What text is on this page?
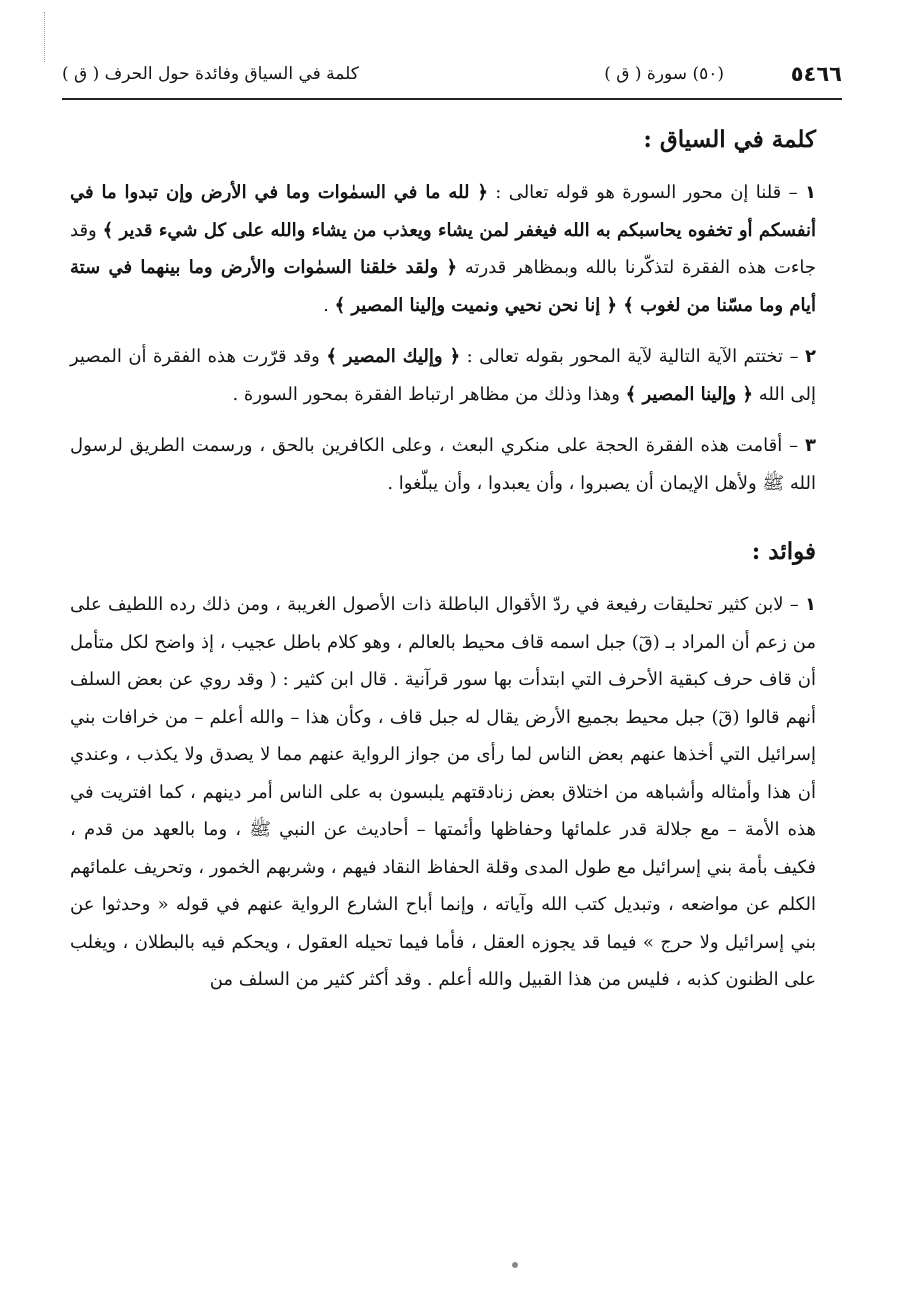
٥٤٦٦
(٥٠) سورة ( ق )
كلمة في السياق وفائدة حول الحرف ( ق )
كلمة في السياق :

١ – قلنا إن محور السورة هو قوله تعالى : ﴿ لله ما في السمٰوات وما في الأرض وإن تبدوا ما في أنفسكم أو تخفوه يحاسبكم به الله فيغفر لمن يشاء ويعذب من يشاء والله على كل شيء قدير ﴾ وقد جاءت هذه الفقرة لتذكّرنا بالله وبمظاهر قدرته ﴿ ولقد خلقنا السمٰوات والأرض وما بينهما في ستة أيام وما مسّنا من لغوب ﴾ ﴿ إنا نحن نحيي ونميت وإلينا المصير ﴾ .

٢ – تختتم الآية التالية لآية المحور بقوله تعالى : ﴿ وإليك المصير ﴾ وقد قرّرت هذه الفقرة أن المصير إلى الله ﴿ وإلينا المصير ﴾ وهذا وذلك من مظاهر ارتباط الفقرة بمحور السورة .

٣ – أقامت هذه الفقرة الحجة على منكري البعث ، وعلى الكافرين بالحق ، ورسمت الطريق لرسول الله ﷺ ولأهل الإيمان أن يصبروا ، وأن يعبدوا ، وأن يبلّغوا .

فوائد :

١ – لابن كثير تحليقات رفيعة في ردّ الأقوال الباطلة ذات الأصول الغريبة ، ومن ذلك رده اللطيف على من زعم أن المراد بـ (قٓ) جبل اسمه قاف محيط بالعالم ، وهو كلام باطل عجيب ، إذ واضح لكل متأمل أن قاف حرف كبقية الأحرف التي ابتدأت بها سور قرآنية . قال ابن كثير : ( وقد روي عن بعض السلف أنهم قالوا (قٓ) جبل محيط بجميع الأرض يقال له جبل قاف ، وكأن هذا – والله أعلم – من خرافات بني إسرائيل التي أخذها عنهم بعض الناس لما رأى من جواز الرواية عنهم مما لا يصدق ولا يكذب ، وعندي أن هذا وأمثاله وأشباهه من اختلاق بعض زنادقتهم يلبسون به على الناس أمر دينهم ، كما افتريت في هذه الأمة – مع جلالة قدر علمائها وحفاظها وأئمتها – أحاديث عن النبي ﷺ ، وما بالعهد من قدم ، فكيف بأمة بني إسرائيل مع طول المدى وقلة الحفاظ النقاد فيهم ، وشربهم الخمور ، وتحريف علمائهم الكلم عن مواضعه ، وتبديل كتب الله وآياته ، وإنما أباح الشارع الرواية عنهم في قوله « وحدثوا عن بني إسرائيل ولا حرج » فيما قد يجوزه العقل ، فأما فيما تحيله العقول ، ويحكم فيه بالبطلان ، ويغلب على الظنون كذبه ، فليس من هذا القبيل والله أعلم . وقد أكثر كثير من السلف من
